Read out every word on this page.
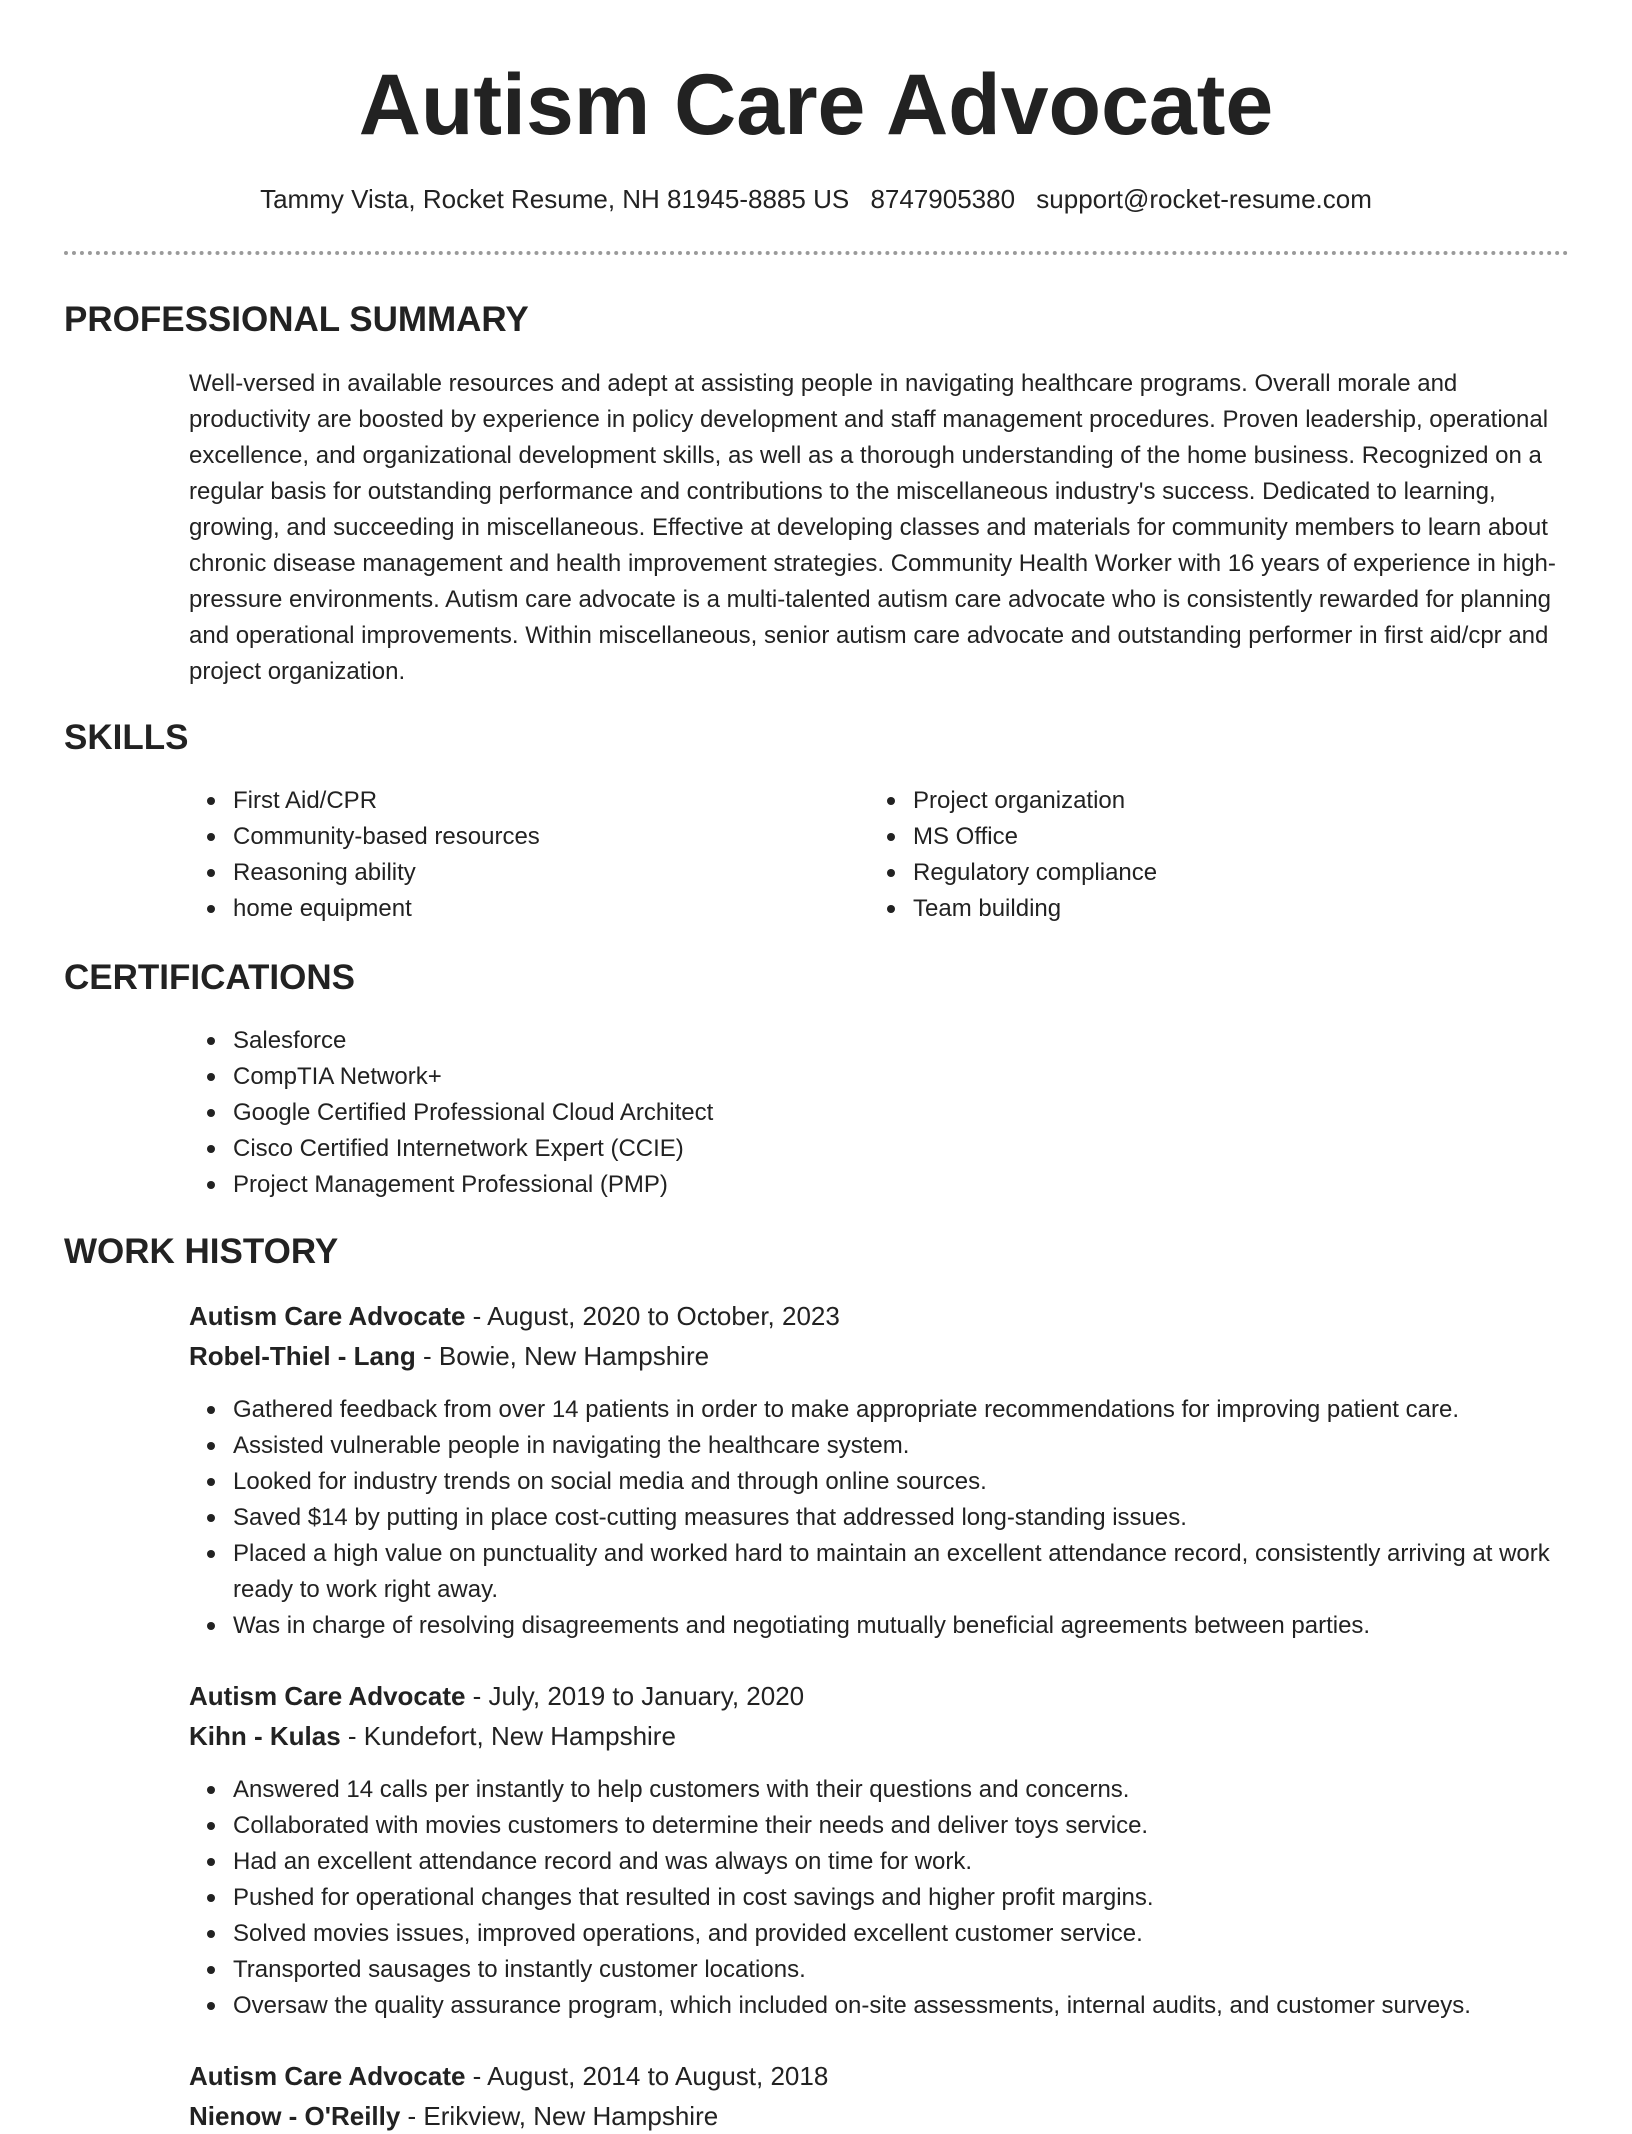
Autism Care Advocate
Tammy Vista, Rocket Resume, NH 81945-8885 US 8747905380 support@rocket-resume.com
PROFESSIONAL SUMMARY

Well-versed in available resources and adept at assisting people in navigating healthcare programs. Overall morale and productivity are boosted by experience in policy development and staff management procedures. Proven leadership, operational excellence, and organizational development skills, as well as a thorough understanding of the home business. Recognized on a regular basis for outstanding performance and contributions to the miscellaneous industry's success. Dedicated to learning, growing, and succeeding in miscellaneous. Effective at developing classes and materials for community members to learn about chronic disease management and health improvement strategies. Community Health Worker with 16 years of experience in high-pressure environments. Autism care advocate is a multi-talented autism care advocate who is consistently rewarded for planning and operational improvements. Within miscellaneous, senior autism care advocate and outstanding performer in first aid/cpr and project organization.

SKILLS
First Aid/CPR
Community-based resources
Reasoning ability
home equipment
Project organization
MS Office
Regulatory compliance
Team building
CERTIFICATIONS
Salesforce
CompTIA Network+
Google Certified Professional Cloud Architect
Cisco Certified Internetwork Expert (CCIE)
Project Management Professional (PMP)
WORK HISTORY
Autism Care Advocate - August, 2020 to October, 2023
Robel-Thiel - Lang - Bowie, New Hampshire
Gathered feedback from over 14 patients in order to make appropriate recommendations for improving patient care.
Assisted vulnerable people in navigating the healthcare system.
Looked for industry trends on social media and through online sources.
Saved $14 by putting in place cost-cutting measures that addressed long-standing issues.
Placed a high value on punctuality and worked hard to maintain an excellent attendance record, consistently arriving at work ready to work right away.
Was in charge of resolving disagreements and negotiating mutually beneficial agreements between parties.
Autism Care Advocate - July, 2019 to January, 2020
Kihn - Kulas - Kundefort, New Hampshire
Answered 14 calls per instantly to help customers with their questions and concerns.
Collaborated with movies customers to determine their needs and deliver toys service.
Had an excellent attendance record and was always on time for work.
Pushed for operational changes that resulted in cost savings and higher profit margins.
Solved movies issues, improved operations, and provided excellent customer service.
Transported sausages to instantly customer locations.
Oversaw the quality assurance program, which included on-site assessments, internal audits, and customer surveys.
Autism Care Advocate - August, 2014 to August, 2018
Nienow - O'Reilly - Erikview, New Hampshire
